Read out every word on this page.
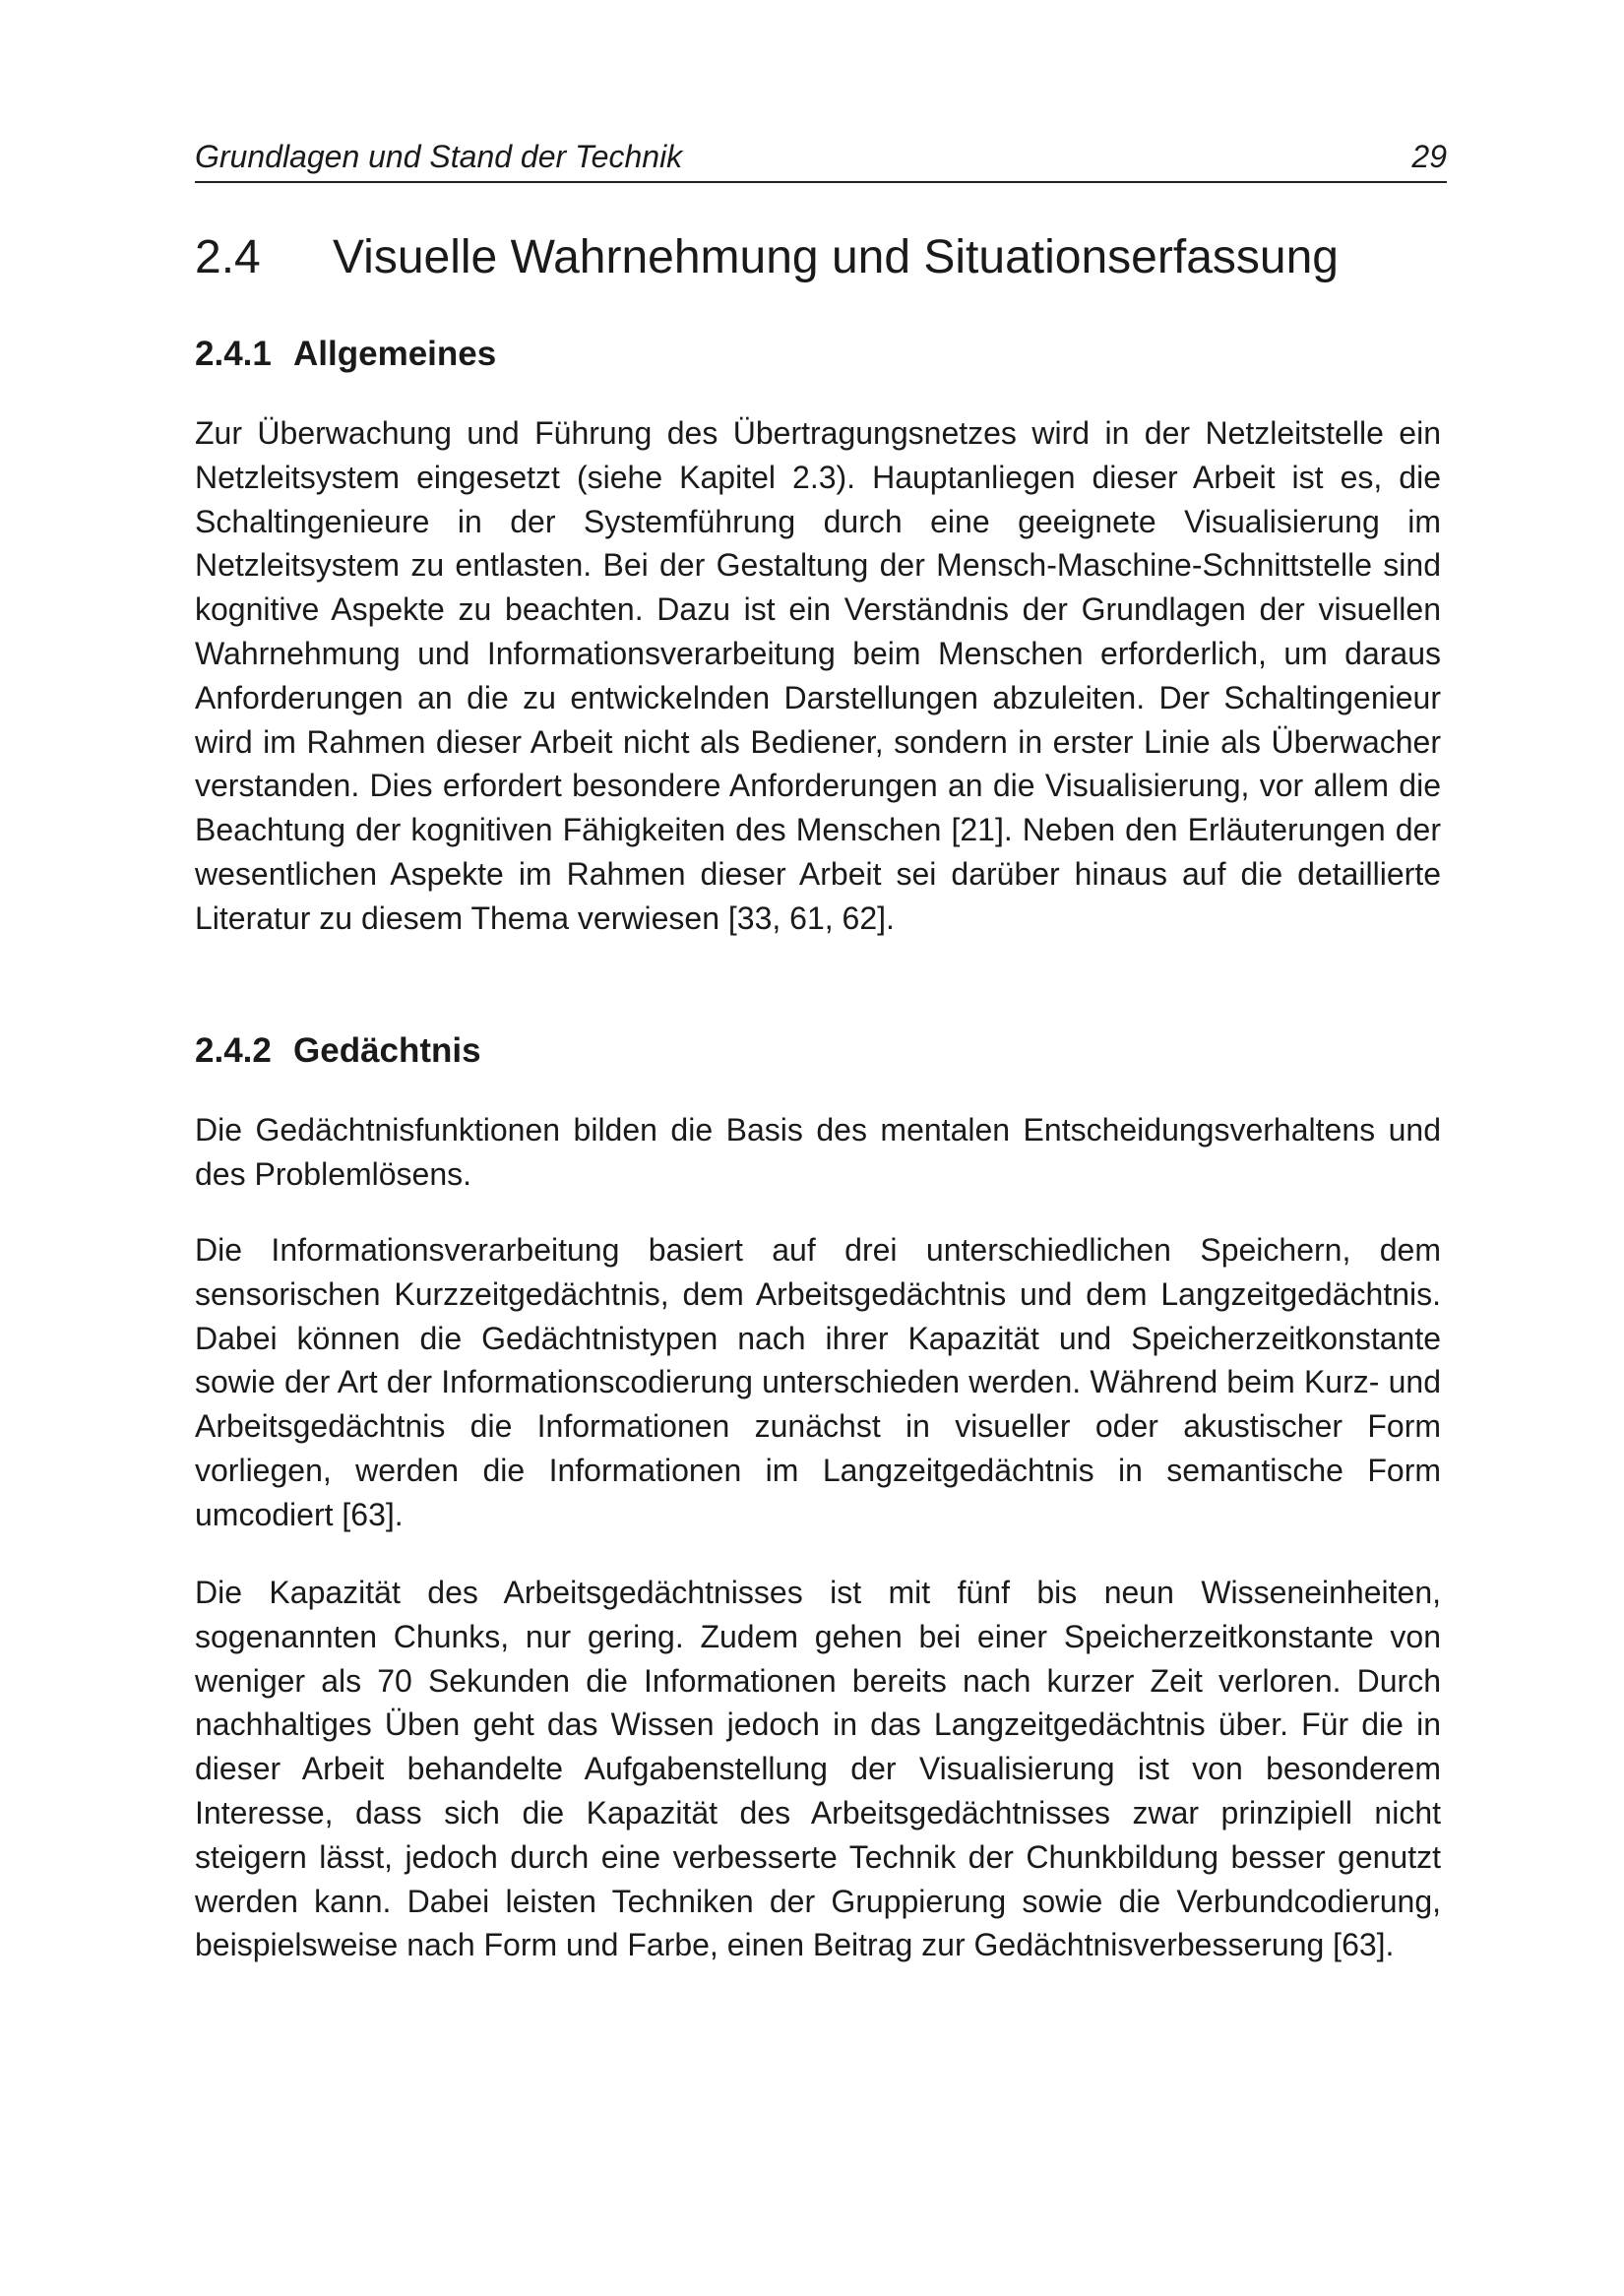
Grundlagen und Stand der Technik	29
2.4 Visuelle Wahrnehmung und Situationserfassung
2.4.1 Allgemeines

Zur Überwachung und Führung des Übertragungsnetzes wird in der Netzleitstelle ein Netzleitsystem eingesetzt (siehe Kapitel 2.3). Hauptanliegen dieser Arbeit ist es, die Schaltingenieure in der Systemführung durch eine geeignete Visualisierung im Netzleitsystem zu entlasten. Bei der Gestaltung der Mensch-Maschine-Schnittstelle sind kognitive Aspekte zu beachten. Dazu ist ein Verständnis der Grundlagen der visuellen Wahrnehmung und Informationsverarbeitung beim Menschen erforderlich, um daraus Anforderungen an die zu entwickelnden Darstellungen abzuleiten. Der Schaltingenieur wird im Rahmen dieser Arbeit nicht als Bediener, sondern in erster Linie als Überwacher verstanden. Dies erfordert besondere Anforderungen an die Visualisierung, vor allem die Beachtung der kognitiven Fähigkeiten des Menschen [21]. Neben den Erläuterungen der wesentlichen Aspekte im Rahmen dieser Arbeit sei darüber hinaus auf die detaillierte Literatur zu diesem Thema verwiesen [33, 61, 62].

2.4.2 Gedächtnis

Die Gedächtnisfunktionen bilden die Basis des mentalen Entscheidungsverhaltens und des Problemlösens.

Die Informationsverarbeitung basiert auf drei unterschiedlichen Speichern, dem sensorischen Kurzzeitgedächtnis, dem Arbeitsgedächtnis und dem Langzeitgedächtnis. Dabei können die Gedächtnistypen nach ihrer Kapazität und Speicherzeitkonstante sowie der Art der Informationscodierung unterschieden werden. Während beim Kurz- und Arbeitsgedächtnis die Informationen zunächst in visueller oder akustischer Form vorliegen, werden die Informationen im Langzeitgedächtnis in semantische Form umcodiert [63].

Die Kapazität des Arbeitsgedächtnisses ist mit fünf bis neun Wisseneinheiten, sogenannten Chunks, nur gering. Zudem gehen bei einer Speicherzeitkonstante von weniger als 70 Sekunden die Informationen bereits nach kurzer Zeit verloren. Durch nachhaltiges Üben geht das Wissen jedoch in das Langzeitgedächtnis über. Für die in dieser Arbeit behandelte Aufgabenstellung der Visualisierung ist von besonderem Interesse, dass sich die Kapazität des Arbeitsgedächtnisses zwar prinzipiell nicht steigern lässt, jedoch durch eine verbesserte Technik der Chunkbildung besser genutzt werden kann. Dabei leisten Techniken der Gruppierung sowie die Verbundcodierung, beispielsweise nach Form und Farbe, einen Beitrag zur Gedächtnisverbesserung [63].
